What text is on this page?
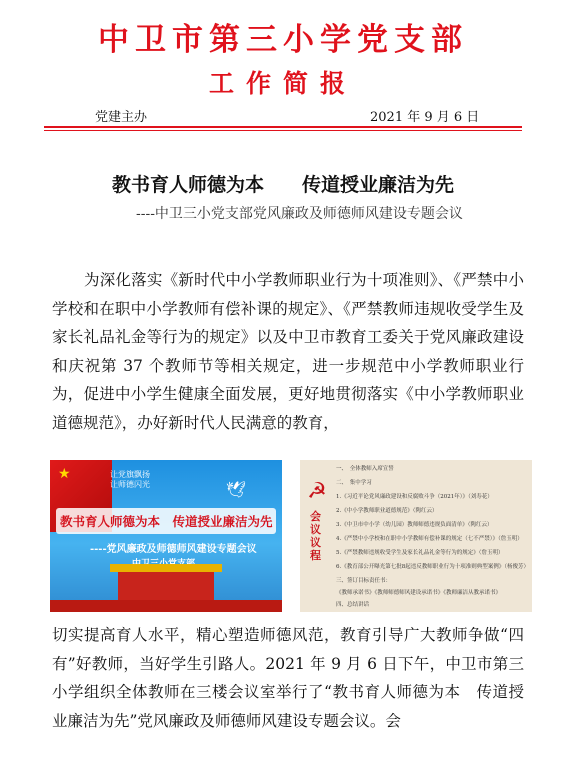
中卫市第三小学党支部
工作简报
党建主办	2021 年 9 月 6 日
教书育人师德为本　　传道授业廉洁为先
----中卫三小党支部党风廉政及师德师风建设专题会议
为深化落实《新时代中小学教师职业行为十项准则》、《严禁中小学校和在职中小学教师有偿补课的规定》、《严禁教师违规收受学生及家长礼品礼金等行为的规定》以及中卫市教育工委关于党风廉政建设和庆祝第 37 个教师节等相关规定，进一步规范中小学教师职业行为，促进中小学生健康全面发展，更好地贯彻落实《中小学教师职业道德规范》，办好新时代人民满意的教育，
★	让党旗飘扬
让师德闪光	🕊
教书育人师德为本　传道授业廉洁为先
----党风廉政及师德师风建设专题会议
☭
会议议程
一、　全体教师入席宣誓
二、　集中学习
1.《习近平论党风廉政建设和反腐败斗争（2021年）》（刘寿花）
2.《中小学教师职业道德规范》（陶红云）
3.《中卫市中小学（幼儿园）教师师德违规负面清单》（陶红云）
4.《严禁中小学校和在职中小学教师有偿补课的规定（七不严禁）》（詹玉明）
5.《严禁教师违规收受学生及家长礼品礼金等行为的规定》（詹玉明）
6.《教育部公开曝光第七批8起违反教师职业行为十项准则典型案例》（杨俊芳）
三、签订目标责任书：
《教师承诺书》《教师师德师风建设承诺书》《教师廉洁从教承诺书》
四、总结讲话
切实提高育人水平，精心塑造师德风范，教育引导广大教师争做“四有”好教师，当好学生引路人。2021 年 9 月 6 日下午，中卫市第三小学组织全体教师在三楼会议室举行了“教书育人师德为本　传道授业廉洁为先”党风廉政及师德师风建设专题会议。会
